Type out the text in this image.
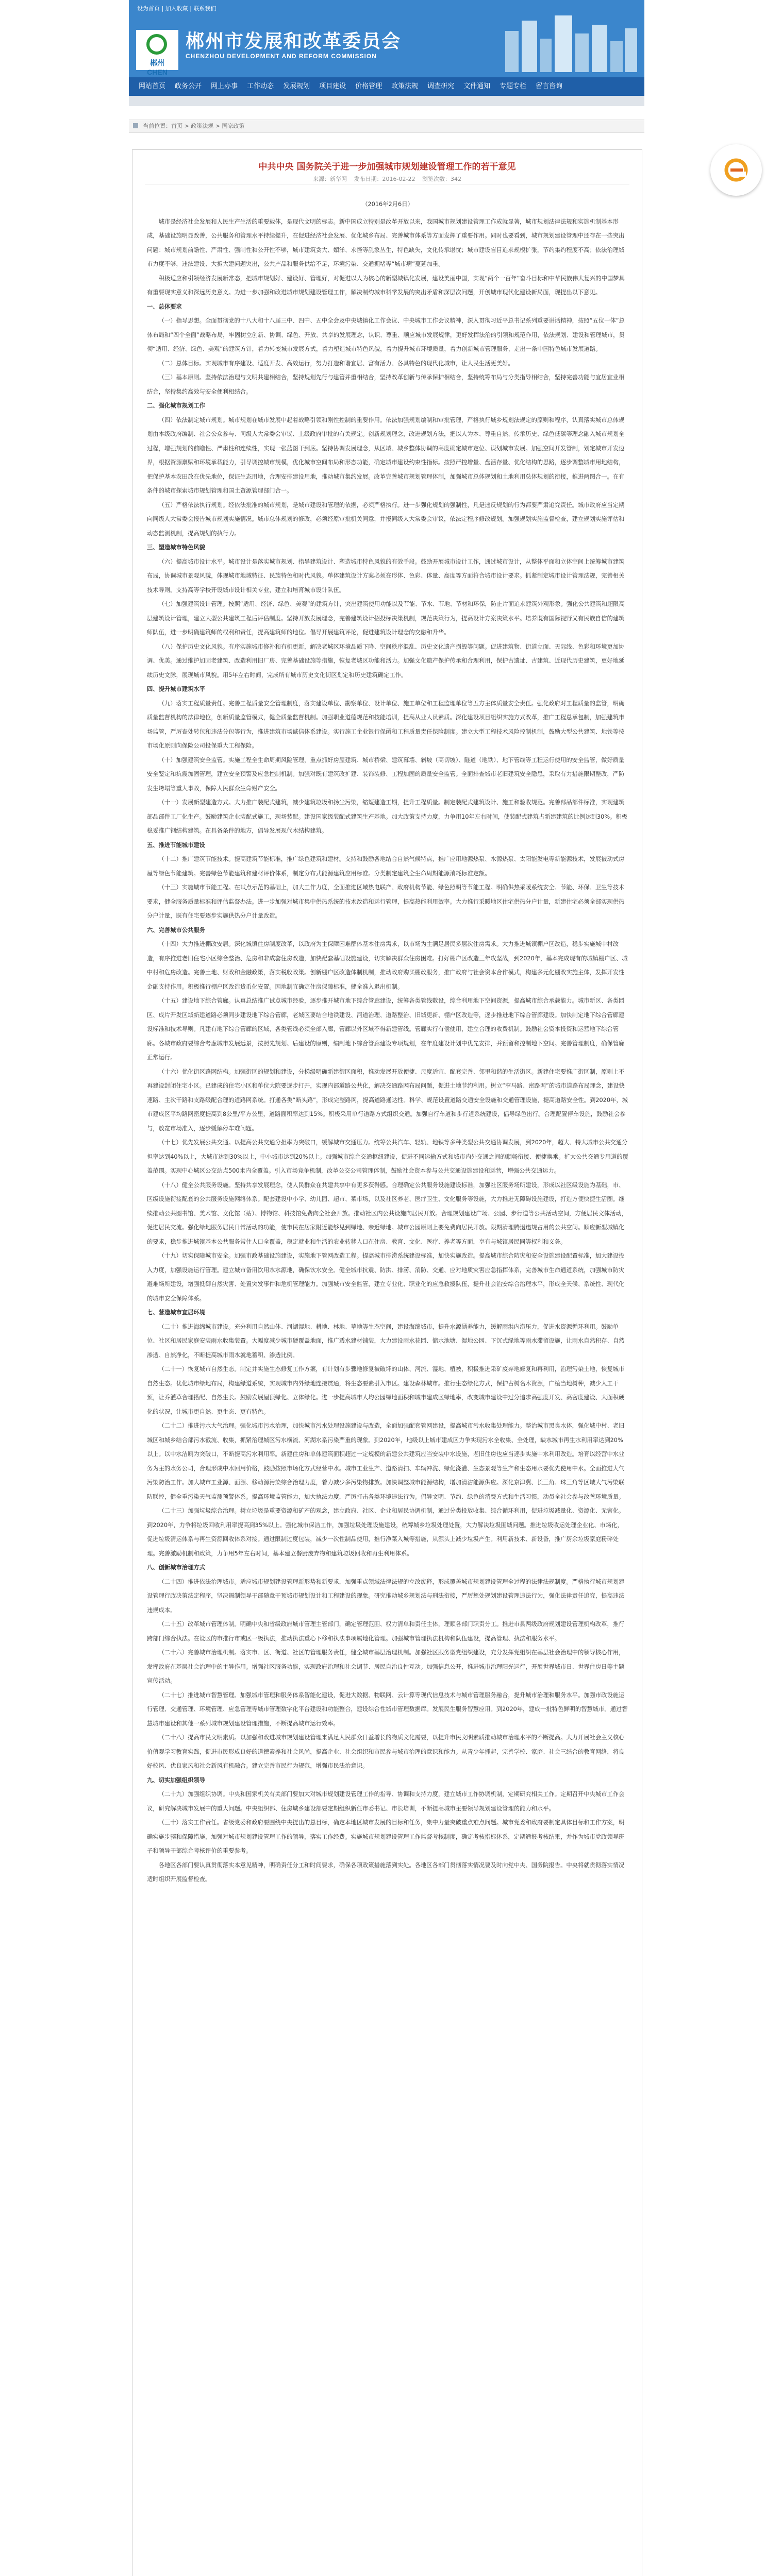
设为首页 | 加入收藏 | 联系我们
郴州CHEN
郴州市发展和改革委员会
CHENZHOU DEVELOPMENT AND REFORM COMMISSION
网站首页	政务公开	网上办事	工作动态	发展规划	项目建设	价格管理	政策法规	调查研究	文件通知	专题专栏	留言咨询
当前位置：首页 > 政策法规 > 国家政策
中共中央 国务院关于进一步加强城市规划建设管理工作的若干意见
来源：新华网 发布日期：2016-02-22 浏览次数：342

（2016年2月6日）

城市是经济社会发展和人民生产生活的重要载体，是现代文明的标志。新中国成立特别是改革开放以来，我国城市规划建设管理工作成就显著，城市规划法律法规和实施机制基本形成，基础设施明显改善，公共服务和管理水平持续提升，在促进经济社会发展、优化城乡布局、完善城市体系等方面发挥了重要作用。同时也要看到，城市规划建设管理中还存在一些突出问题：城市规划前瞻性、严肃性、强制性和公开性不够，城市建筑贪大、媚洋、求怪等乱象丛生，特色缺失，文化传承堪忧；城市建设盲目追求规模扩张，节约集约程度不高；依法治理城市力度不够，违法建设、大拆大建问题突出，公共产品和服务供给不足，环境污染、交通拥堵等“城市病”蔓延加重。

积极适应和引领经济发展新常态，把城市规划好、建设好、管理好，对促进以人为核心的新型城镇化发展，建设美丽中国，实现“两个一百年”奋斗目标和中华民族伟大复兴的中国梦具有重要现实意义和深远历史意义。为进一步加强和改进城市规划建设管理工作，解决制约城市科学发展的突出矛盾和深层次问题，开创城市现代化建设新局面，现提出以下意见。

一、总体要求

（一）指导思想。全面贯彻党的十八大和十八届三中、四中、五中全会及中央城镇化工作会议、中央城市工作会议精神，深入贯彻习近平总书记系列重要讲话精神，按照“五位一体”总体布局和“四个全面”战略布局，牢固树立创新、协调、绿色、开放、共享的发展理念，认识、尊重、顺应城市发展规律，更好发挥法治的引领和规范作用，依法规划、建设和管理城市，贯彻“适用、经济、绿色、美观”的建筑方针，着力转变城市发展方式，着力塑造城市特色风貌，着力提升城市环境质量，着力创新城市管理服务，走出一条中国特色城市发展道路。

（二）总体目标。实现城市有序建设、适度开发、高效运行，努力打造和谐宜居、富有活力、各具特色的现代化城市，让人民生活更美好。

（三）基本原则。坚持依法治理与文明共建相结合，坚持规划先行与建管并重相结合，坚持改革创新与传承保护相结合，坚持统筹布局与分类指导相结合，坚持完善功能与宜居宜业相结合，坚持集约高效与安全便利相结合。

二、强化城市规划工作

（四）依法制定城市规划。城市规划在城市发展中起着战略引领和刚性控制的重要作用。依法加强规划编制和审批管理，严格执行城乡规划法规定的原则和程序，认真落实城市总体规划由本级政府编制、社会公众参与、同级人大常委会审议、上级政府审批的有关规定。创新规划理念，改进规划方法，把以人为本、尊重自然、传承历史、绿色低碳等理念融入城市规划全过程，增强规划的前瞻性、严肃性和连续性，实现一张蓝图干到底。坚持协调发展理念，从区域、城乡整体协调的高度确定城市定位、谋划城市发展。加强空间开发管制，划定城市开发边界，根据资源禀赋和环境承载能力，引导调控城市规模，优化城市空间布局和形态功能，确定城市建设约束性指标。按照严控增量、盘活存量、优化结构的思路，逐步调整城市用地结构，把保护基本农田放在优先地位，保证生态用地，合理安排建设用地，推动城市集约发展。改革完善城市规划管理体制，加强城市总体规划和土地利用总体规划的衔接，推进两图合一。在有条件的城市探索城市规划管理和国土资源管理部门合一。

（五）严格依法执行规划。经依法批准的城市规划，是城市建设和管理的依据，必须严格执行。进一步强化规划的强制性，凡是违反规划的行为都要严肃追究责任。城市政府应当定期向同级人大常委会报告城市规划实施情况。城市总体规划的修改，必须经原审批机关同意，并报同级人大常委会审议，依法定程序修改规划。加强规划实施监督检查，建立规划实施评估和动态监测机制，提高规划的执行力。

三、塑造城市特色风貌

（六）提高城市设计水平。城市设计是落实城市规划、指导建筑设计、塑造城市特色风貌的有效手段。鼓励开展城市设计工作，通过城市设计，从整体平面和立体空间上统筹城市建筑布局，协调城市景观风貌，体现城市地域特征、民族特色和时代风貌。单体建筑设计方案必须在形体、色彩、体量、高度等方面符合城市设计要求。抓紧制定城市设计管理法规，完善相关技术导则。支持高等学校开设城市设计相关专业，建立和培育城市设计队伍。

（七）加强建筑设计管理。按照“适用、经济、绿色、美观”的建筑方针，突出建筑使用功能以及节能、节水、节地、节材和环保，防止片面追求建筑外观形象。强化公共建筑和超限高层建筑设计管理，建立大型公共建筑工程后评估制度。坚持开放发展理念，完善建筑设计招投标决策机制，规范决策行为，提高设计方案决策水平。培养既有国际视野又有民族自信的建筑师队伍，进一步明确建筑师的权利和责任，提高建筑师的地位。倡导开展建筑评论，促进建筑设计理念的交融和升华。

（八）保护历史文化风貌。有序实施城市修补和有机更新，解决老城区环境品质下降、空间秩序混乱、历史文化遗产损毁等问题。促进建筑物、街道立面、天际线、色彩和环境更加协调、优美。通过维护加固老建筑、改造利用旧厂房、完善基础设施等措施，恢复老城区功能和活力。加强文化遗产保护传承和合理利用，保护古遗址、古建筑、近现代历史建筑，更好地延续历史文脉，展现城市风貌。用5年左右时间，完成所有城市历史文化街区划定和历史建筑确定工作。

四、提升城市建筑水平

（九）落实工程质量责任。完善工程质量安全管理制度，落实建设单位、勘察单位、设计单位、施工单位和工程监理单位等五方主体质量安全责任。强化政府对工程质量的监管，明确质量监督机构的法律地位，创新质量监管模式，健全质量监督机制。加强职业道德规范和技能培训，提高从业人员素质。深化建设项目组织实施方式改革，推广工程总承包制，加强建筑市场监管，严厉查处转包和违法分包等行为，推进建筑市场诚信体系建设。实行施工企业银行保函和工程质量责任保险制度。建立大型工程技术风险控制机制，鼓励大型公共建筑、地铁等按市场化原则向保险公司投保重大工程保险。

（十）加强建筑安全监管。实施工程全生命周期风险管理，重点抓好房屋建筑、城市桥梁、建筑幕墙、斜坡（高切坡）、隧道（地铁）、地下管线等工程运行使用的安全监管，做好质量安全鉴定和抗震加固管理，建立安全预警及应急控制机制。加强对既有建筑改扩建、装饰装修、工程加固的质量安全监管。全面排查城市老旧建筑安全隐患，采取有力措施限期整改，严防发生垮塌等重大事故，保障人民群众生命财产安全。

（十一）发展新型建造方式。大力推广装配式建筑，减少建筑垃圾和扬尘污染，缩短建造工期，提升工程质量。制定装配式建筑设计、施工和验收规范。完善部品部件标准，实现建筑部品部件工厂化生产。鼓励建筑企业装配式施工，现场装配。建设国家级装配式建筑生产基地。加大政策支持力度，力争用10年左右时间，使装配式建筑占新建建筑的比例达到30%。积极稳妥推广钢结构建筑。在具备条件的地方，倡导发展现代木结构建筑。

五、推进节能城市建设

（十二）推广建筑节能技术。提高建筑节能标准，推广绿色建筑和建材。支持和鼓励各地结合自然气候特点，推广应用地源热泵、水源热泵、太阳能发电等新能源技术，发展被动式房屋等绿色节能建筑。完善绿色节能建筑和建材评价体系，制定分布式能源建筑应用标准。分类制定建筑全生命周期能源消耗标准定额。

（十三）实施城市节能工程。在试点示范的基础上，加大工作力度，全面推进区域热电联产、政府机构节能、绿色照明等节能工程。明确供热采暖系统安全、节能、环保、卫生等技术要求，健全服务质量标准和评估监督办法。进一步加强对城市集中供热系统的技术改造和运行管理，提高热能利用效率。大力推行采暖地区住宅供热分户计量，新建住宅必须全部实现供热分户计量，既有住宅要逐步实施供热分户计量改造。

六、完善城市公共服务

（十四）大力推进棚改安居。深化城镇住房制度改革，以政府为主保障困难群体基本住房需求，以市场为主满足居民多层次住房需求。大力推进城镇棚户区改造，稳步实施城中村改造，有序推进老旧住宅小区综合整治、危房和非成套住房改造，加快配套基础设施建设，切实解决群众住房困难。打好棚户区改造三年攻坚战，到2020年，基本完成现有的城镇棚户区、城中村和危房改造。完善土地、财政和金融政策，落实税收政策。创新棚户区改造体制机制，推动政府购买棚改服务，推广政府与社会资本合作模式，构建多元化棚改实施主体，发挥开发性金融支持作用。积极推行棚户区改造货币化安置。因地制宜确定住房保障标准，健全准入退出机制。

（十五）建设地下综合管廊。认真总结推广试点城市经验，逐步推开城市地下综合管廊建设，统筹各类管线敷设，综合利用地下空间资源，提高城市综合承载能力。城市新区、各类园区、成片开发区域新建道路必须同步建设地下综合管廊，老城区要结合地铁建设、河道治理、道路整治、旧城更新、棚户区改造等，逐步推进地下综合管廊建设。加快制定地下综合管廊建设标准和技术导则。凡建有地下综合管廊的区域，各类管线必须全部入廊，管廊以外区域不得新建管线。管廊实行有偿使用，建立合理的收费机制。鼓励社会资本投资和运营地下综合管廊。各城市政府要综合考虑城市发展远景，按照先规划、后建设的原则，编制地下综合管廊建设专项规划，在年度建设计划中优先安排，并预留和控制地下空间。完善管理制度，确保管廊正常运行。

（十六）优化街区路网结构。加强街区的规划和建设，分梯级明确新建街区面积，推动发展开放便捷、尺度适宜、配套完善、邻里和谐的生活街区。新建住宅要推广街区制，原则上不再建设封闭住宅小区。已建成的住宅小区和单位大院要逐步打开，实现内部道路公共化，解决交通路网布局问题，促进土地节约利用。树立“窄马路、密路网”的城市道路布局理念，建设快速路、主次干路和支路级配合理的道路网系统。打通各类“断头路”，形成完整路网，提高道路通达性。科学、规范设置道路交通安全设施和交通管理设施，提高道路安全性。到2020年，城市建成区平均路网密度提高到8公里/平方公里，道路面积率达到15%。积极采用单行道路方式组织交通。加强自行车道和步行道系统建设，倡导绿色出行。合理配置停车设施，鼓励社会参与，放宽市场准入，逐步缓解停车难问题。

（十七）优先发展公共交通。以提高公共交通分担率为突破口，缓解城市交通压力。统筹公共汽车、轻轨、地铁等多种类型公共交通协调发展，到2020年，超大、特大城市公共交通分担率达到40%以上，大城市达到30%以上，中小城市达到20%以上。加强城市综合交通枢纽建设，促进不同运输方式和城市内外交通之间的顺畅衔接、便捷换乘。扩大公共交通专用道的覆盖范围。实现中心城区公交站点500米内全覆盖。引入市场竞争机制，改革公交公司管理体制，鼓励社会资本参与公共交通设施建设和运营，增强公共交通运力。

（十八）健全公共服务设施。坚持共享发展理念，使人民群众在共建共享中有更多获得感。合理确定公共服务设施建设标准，加强社区服务场所建设，形成以社区级设施为基础，市、区级设施衔接配套的公共服务设施网络体系。配套建设中小学、幼儿园、超市、菜市场，以及社区养老、医疗卫生、文化服务等设施，大力推进无障碍设施建设，打造方便快捷生活圈。继续推动公共图书馆、美术馆、文化馆（站）、博物馆、科技馆免费向全社会开放。推动社区内公共设施向居民开放。合理规划建设广场、公园、步行道等公共活动空间，方便居民文体活动，促进居民交流。强化绿地服务居民日常活动的功能，使市民在居家附近能够见到绿地、亲近绿地。城市公园原则上要免费向居民开放。限期清理腾退违规占用的公共空间。顺应新型城镇化的要求，稳步推进城镇基本公共服务常住人口全覆盖，稳定就业和生活的农业转移人口在住房、教育、文化、医疗、养老等方面，享有与城镇居民同等权利和义务。

（十九）切实保障城市安全。加强市政基础设施建设，实施地下管网改造工程。提高城市排涝系统建设标准，加快实施改造。提高城市综合防灾和安全设施建设配置标准，加大建设投入力度，加强设施运行管理。建立城市备用饮用水水源地，确保饮水安全。健全城市抗震、防洪、排涝、消防、交通、应对地质灾害应急指挥体系，完善城市生命通道系统，加强城市防灾避难场所建设，增强抵御自然灾害、处置突发事件和危机管理能力。加强城市安全监管，建立专业化、职业化的应急救援队伍，提升社会治安综合治理水平，形成全天候、系统性、现代化的城市安全保障体系。

七、营造城市宜居环境

（二十）推进海绵城市建设。充分利用自然山体、河湖湿地、耕地、林地、草地等生态空间，建设海绵城市，提升水源涵养能力，缓解雨洪内涝压力，促进水资源循环利用。鼓励单位、社区和居民家庭安装雨水收集装置。大幅度减少城市硬覆盖地面，推广透水建材铺装，大力建设雨水花园、储水池塘、湿地公园、下沉式绿地等雨水滞留设施，让雨水自然积存、自然渗透、自然净化，不断提高城市雨水就地蓄积、渗透比例。

（二十一）恢复城市自然生态。制定并实施生态修复工作方案，有计划有步骤地修复被破坏的山体、河流、湿地、植被，积极推进采矿废弃地修复和再利用，治理污染土地，恢复城市自然生态。优化城市绿地布局，构建绿道系统，实现城市内外绿地连接贯通，将生态要素引入市区。建设森林城市。推行生态绿化方式，保护古树名木资源，广植当地树种，减少人工干预，让乔灌草合理搭配、自然生长。鼓励发展屋顶绿化、立体绿化。进一步提高城市人均公园绿地面积和城市建成区绿地率，改变城市建设中过分追求高强度开发、高密度建设、大面积硬化的状况，让城市更自然、更生态、更有特色。

（二十二）推进污水大气治理。强化城市污水治理，加快城市污水处理设施建设与改造，全面加强配套管网建设，提高城市污水收集处理能力。整治城市黑臭水体，强化城中村、老旧城区和城乡结合部污水截流、收集，抓紧治理城区污水横流、河湖水系污染严重的现象。到2020年，地级以上城市建成区力争实现污水全收集、全处理，缺水城市再生水利用率达到20%以上。以中水洁厕为突破口，不断提高污水利用率。新建住房和单体建筑面积超过一定规模的新建公共建筑应当安装中水设施，老旧住房也应当逐步实施中水利用改造。培育以经营中水业务为主的水务公司，合理形成中水回用价格，鼓励按照市场化方式经营中水。城市工业生产、道路清扫、车辆冲洗、绿化浇灌、生态景观等生产和生态用水要优先使用中水。全面推进大气污染防治工作。加大城市工业源、面源、移动源污染综合治理力度，着力减少多污染物排放。加快调整城市能源结构，增加清洁能源供应。深化京津冀、长三角、珠三角等区域大气污染联防联控，健全重污染天气监测预警体系。提高环境监管能力，加大执法力度，严厉打击各类环境违法行为。倡导文明、节约、绿色的消费方式和生活习惯，动员全社会参与改善环境质量。

（二十三）加强垃圾综合治理。树立垃圾是重要资源和矿产的观念，建立政府、社区、企业和居民协调机制，通过分类投放收集、综合循环利用，促进垃圾减量化、资源化、无害化。到2020年，力争将垃圾回收利用率提高到35%以上。强化城市保洁工作，加强垃圾处理设施建设，统筹城乡垃圾处理处置，大力解决垃圾围城问题。推进垃圾收运处理企业化、市场化，促进垃圾清运体系与再生资源回收体系对接。通过限制过度包装，减少一次性制品使用，推行净菜入城等措施，从源头上减少垃圾产生。利用新技术、新设备，推广厨余垃圾家庭粉碎处理。完善激励机制和政策，力争用5年左右时间，基本建立餐厨废弃物和建筑垃圾回收和再生利用体系。

八、创新城市治理方式

（二十四）推进依法治理城市。适应城市规划建设管理新形势和新要求，加强重点领域法律法规的立改废释，形成覆盖城市规划建设管理全过程的法律法规制度。严格执行城市规划建设管理行政决策法定程序，坚决遏制领导干部随意干预城市规划设计和工程建设的现象。研究推动城乡规划法与刑法衔接，严厉惩处规划建设管理违法行为，强化法律责任追究，提高违法违规成本。

（二十五）改革城市管理体制。明确中央和省级政府城市管理主管部门，确定管理范围、权力清单和责任主体，理顺各部门职责分工。推进市县两级政府规划建设管理机构改革，推行跨部门综合执法。在设区的市推行市或区一级执法，推动执法重心下移和执法事项属地化管理。加强城市管理执法机构和队伍建设，提高管理、执法和服务水平。

（二十六）完善城市治理机制。落实市、区、街道、社区的管理服务责任，健全城市基层治理机制。加强社区服务型党组织建设，充分发挥党组织在基层社会治理中的领导核心作用，发挥政府在基层社会治理中的主导作用。增强社区服务功能，实现政府治理和社会调节、居民自治良性互动。加强信息公开，推进城市治理阳光运行，开展世界城市日、世界住房日等主题宣传活动。

（二十七）推进城市智慧管理。加强城市管理和服务体系智能化建设，促进大数据、物联网、云计算等现代信息技术与城市管理服务融合，提升城市治理和服务水平。加强市政设施运行管理、交通管理、环境管理、应急管理等城市管理数字化平台建设和功能整合，建设综合性城市管理数据库。发展民生服务智慧应用。到2020年，建成一批特色鲜明的智慧城市。通过智慧城市建设和其他一系列城市规划建设管理措施，不断提高城市运行效率。

（二十八）提高市民文明素质。以加强和改进城市规划建设管理来满足人民群众日益增长的物质文化需要，以提升市民文明素质推动城市治理水平的不断提高。大力开展社会主义核心价值观学习教育实践，促进市民形成良好的道德素养和社会风尚，提高企业、社会组织和市民参与城市治理的意识和能力。从青少年抓起，完善学校、家庭、社会三结合的教育网络，将良好校风、优良家风和社会新风有机融合。建立完善市民行为规范，增强市民法治意识。

九、切实加强组织领导

（二十九）加强组织协调。中央和国家机关有关部门要加大对城市规划建设管理工作的指导、协调和支持力度，建立城市工作协调机制，定期研究相关工作。定期召开中央城市工作会议，研究解决城市发展中的重大问题。中央组织部、住房城乡建设部要定期组织新任市委书记、市长培训，不断提高城市主要领导规划建设管理的能力和水平。

（三十）落实工作责任。省级党委和政府要围绕中央提出的总目标，确定本地区城市发展的目标和任务，集中力量突破重点难点问题。城市党委和政府要制定具体目标和工作方案，明确实施步骤和保障措施，加强对城市规划建设管理工作的领导，落实工作经费。实施城市规划建设管理工作监督考核制度，确定考核指标体系，定期通报考核结果，并作为城市党政领导班子和领导干部综合考核评价的重要参考。

各地区各部门要认真贯彻落实本意见精神，明确责任分工和时间要求，确保各项政策措施落到实处。各地区各部门贯彻落实情况要及时向党中央、国务院报告。中央将就贯彻落实情况适时组织开展监督检查。
